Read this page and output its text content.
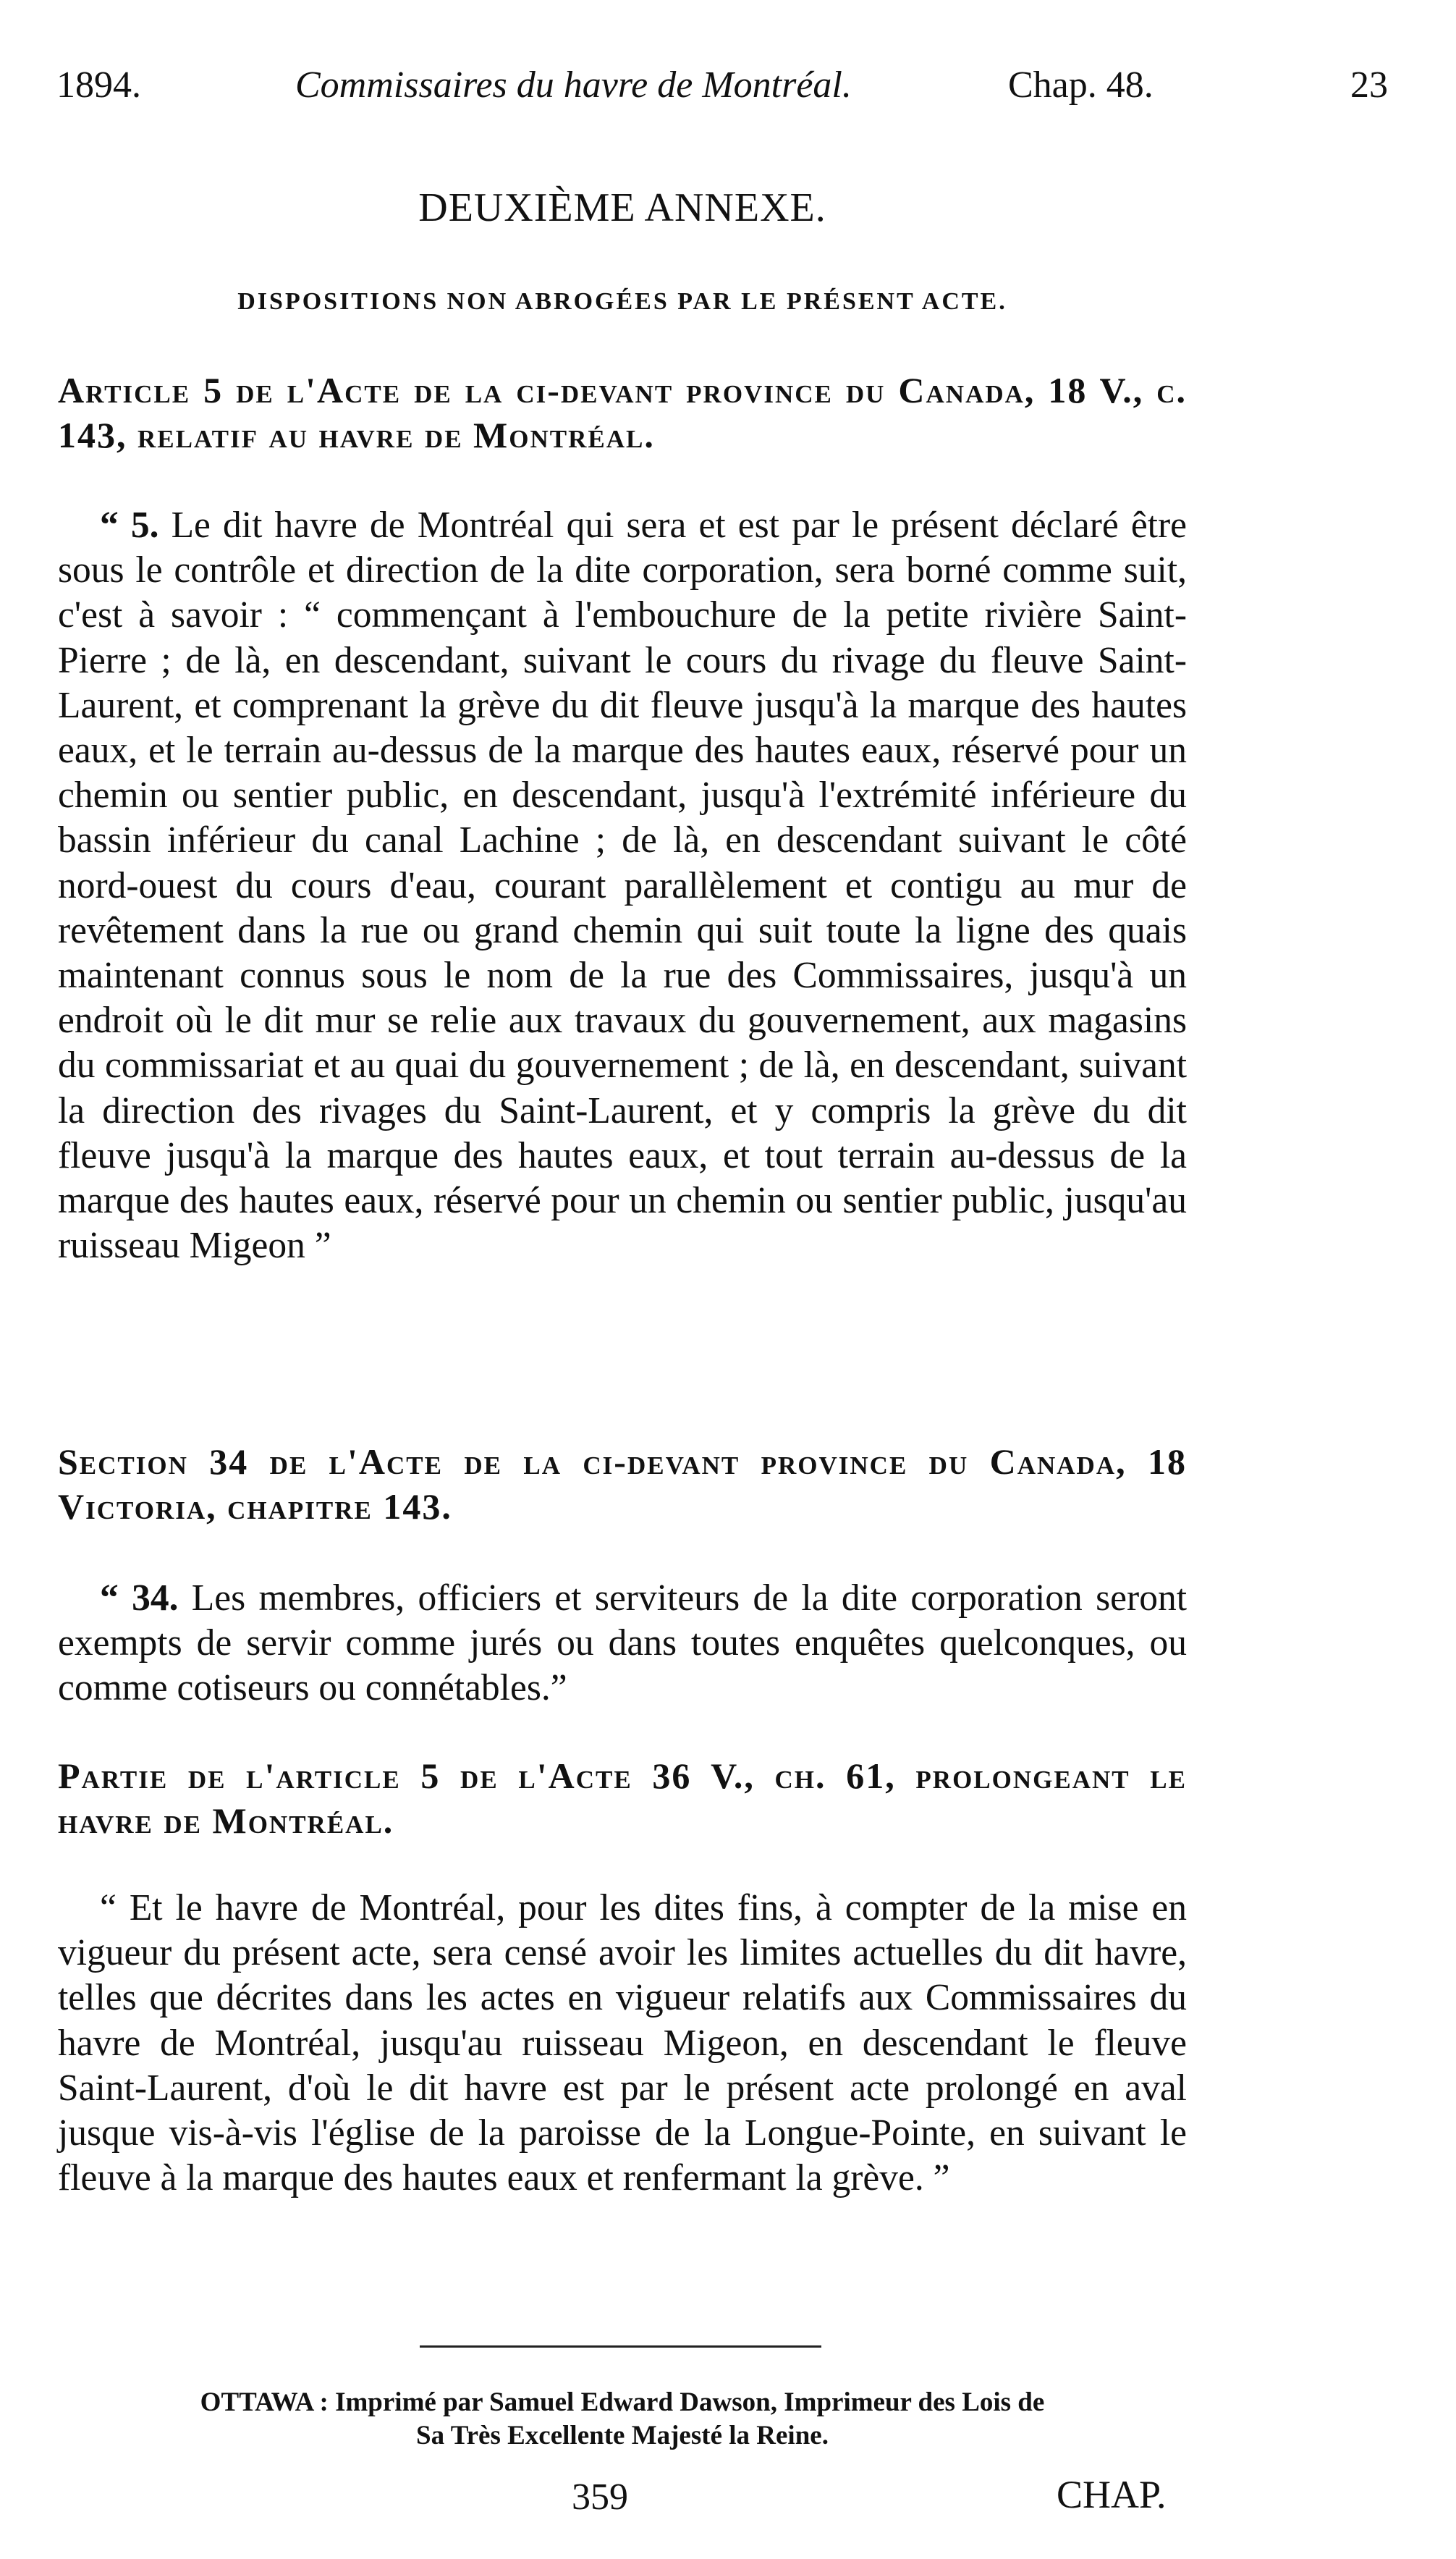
1894.	Commissaires du havre de Montréal.	Chap. 48.	23
DEUXIÈME ANNEXE.
DISPOSITIONS NON ABROGÉES PAR LE PRÉSENT ACTE.
Article 5 de l'Acte de la ci-devant province du Canada, 18 V., c. 143, relatif au havre de Montréal.
“ 5. Le dit havre de Montréal qui sera et est par le présent déclaré être sous le contrôle et direction de la dite corporation, sera borné comme suit, c'est à savoir : “ commençant à l'embouchure de la petite rivière Saint-Pierre ; de là, en descendant, suivant le cours du rivage du fleuve Saint-Laurent, et comprenant la grève du dit fleuve jusqu'à la marque des hautes eaux, et le terrain au-dessus de la marque des hautes eaux, réservé pour un chemin ou sentier public, en descendant, jusqu'à l'extrémité inférieure du bassin inférieur du canal Lachine ; de là, en descendant suivant le côté nord-ouest du cours d'eau, courant parallèlement et contigu au mur de revêtement dans la rue ou grand chemin qui suit toute la ligne des quais maintenant connus sous le nom de la rue des Commissaires, jusqu'à un endroit où le dit mur se relie aux travaux du gouvernement, aux magasins du commissariat et au quai du gouvernement ; de là, en descendant, suivant la direction des rivages du Saint-Laurent, et y compris la grève du dit fleuve jusqu'à la marque des hautes eaux, et tout terrain au-dessus de la marque des hautes eaux, réservé pour un chemin ou sentier public, jusqu'au ruisseau Migeon ”
Section 34 de l'Acte de la ci-devant province du Canada, 18 Victoria, chapitre 143.
“ 34. Les membres, officiers et serviteurs de la dite corporation seront exempts de servir comme jurés ou dans toutes enquêtes quelconques, ou comme cotiseurs ou connétables.”
Partie de l'article 5 de l'Acte 36 V., ch. 61, prolongeant le havre de Montréal.
“ Et le havre de Montréal, pour les dites fins, à compter de la mise en vigueur du présent acte, sera censé avoir les limites actuelles du dit havre, telles que décrites dans les actes en vigueur relatifs aux Commissaires du havre de Montréal, jusqu'au ruisseau Migeon, en descendant le fleuve Saint-Laurent, d'où le dit havre est par le présent acte prolongé en aval jusque vis-à-vis l'église de la paroisse de la Longue-Pointe, en suivant le fleuve à la marque des hautes eaux et renfermant la grève. ”
OTTAWA : Imprimé par Samuel Edward Dawson, Imprimeur des Lois de
Sa Très Excellente Majesté la Reine.
359	CHAP.
